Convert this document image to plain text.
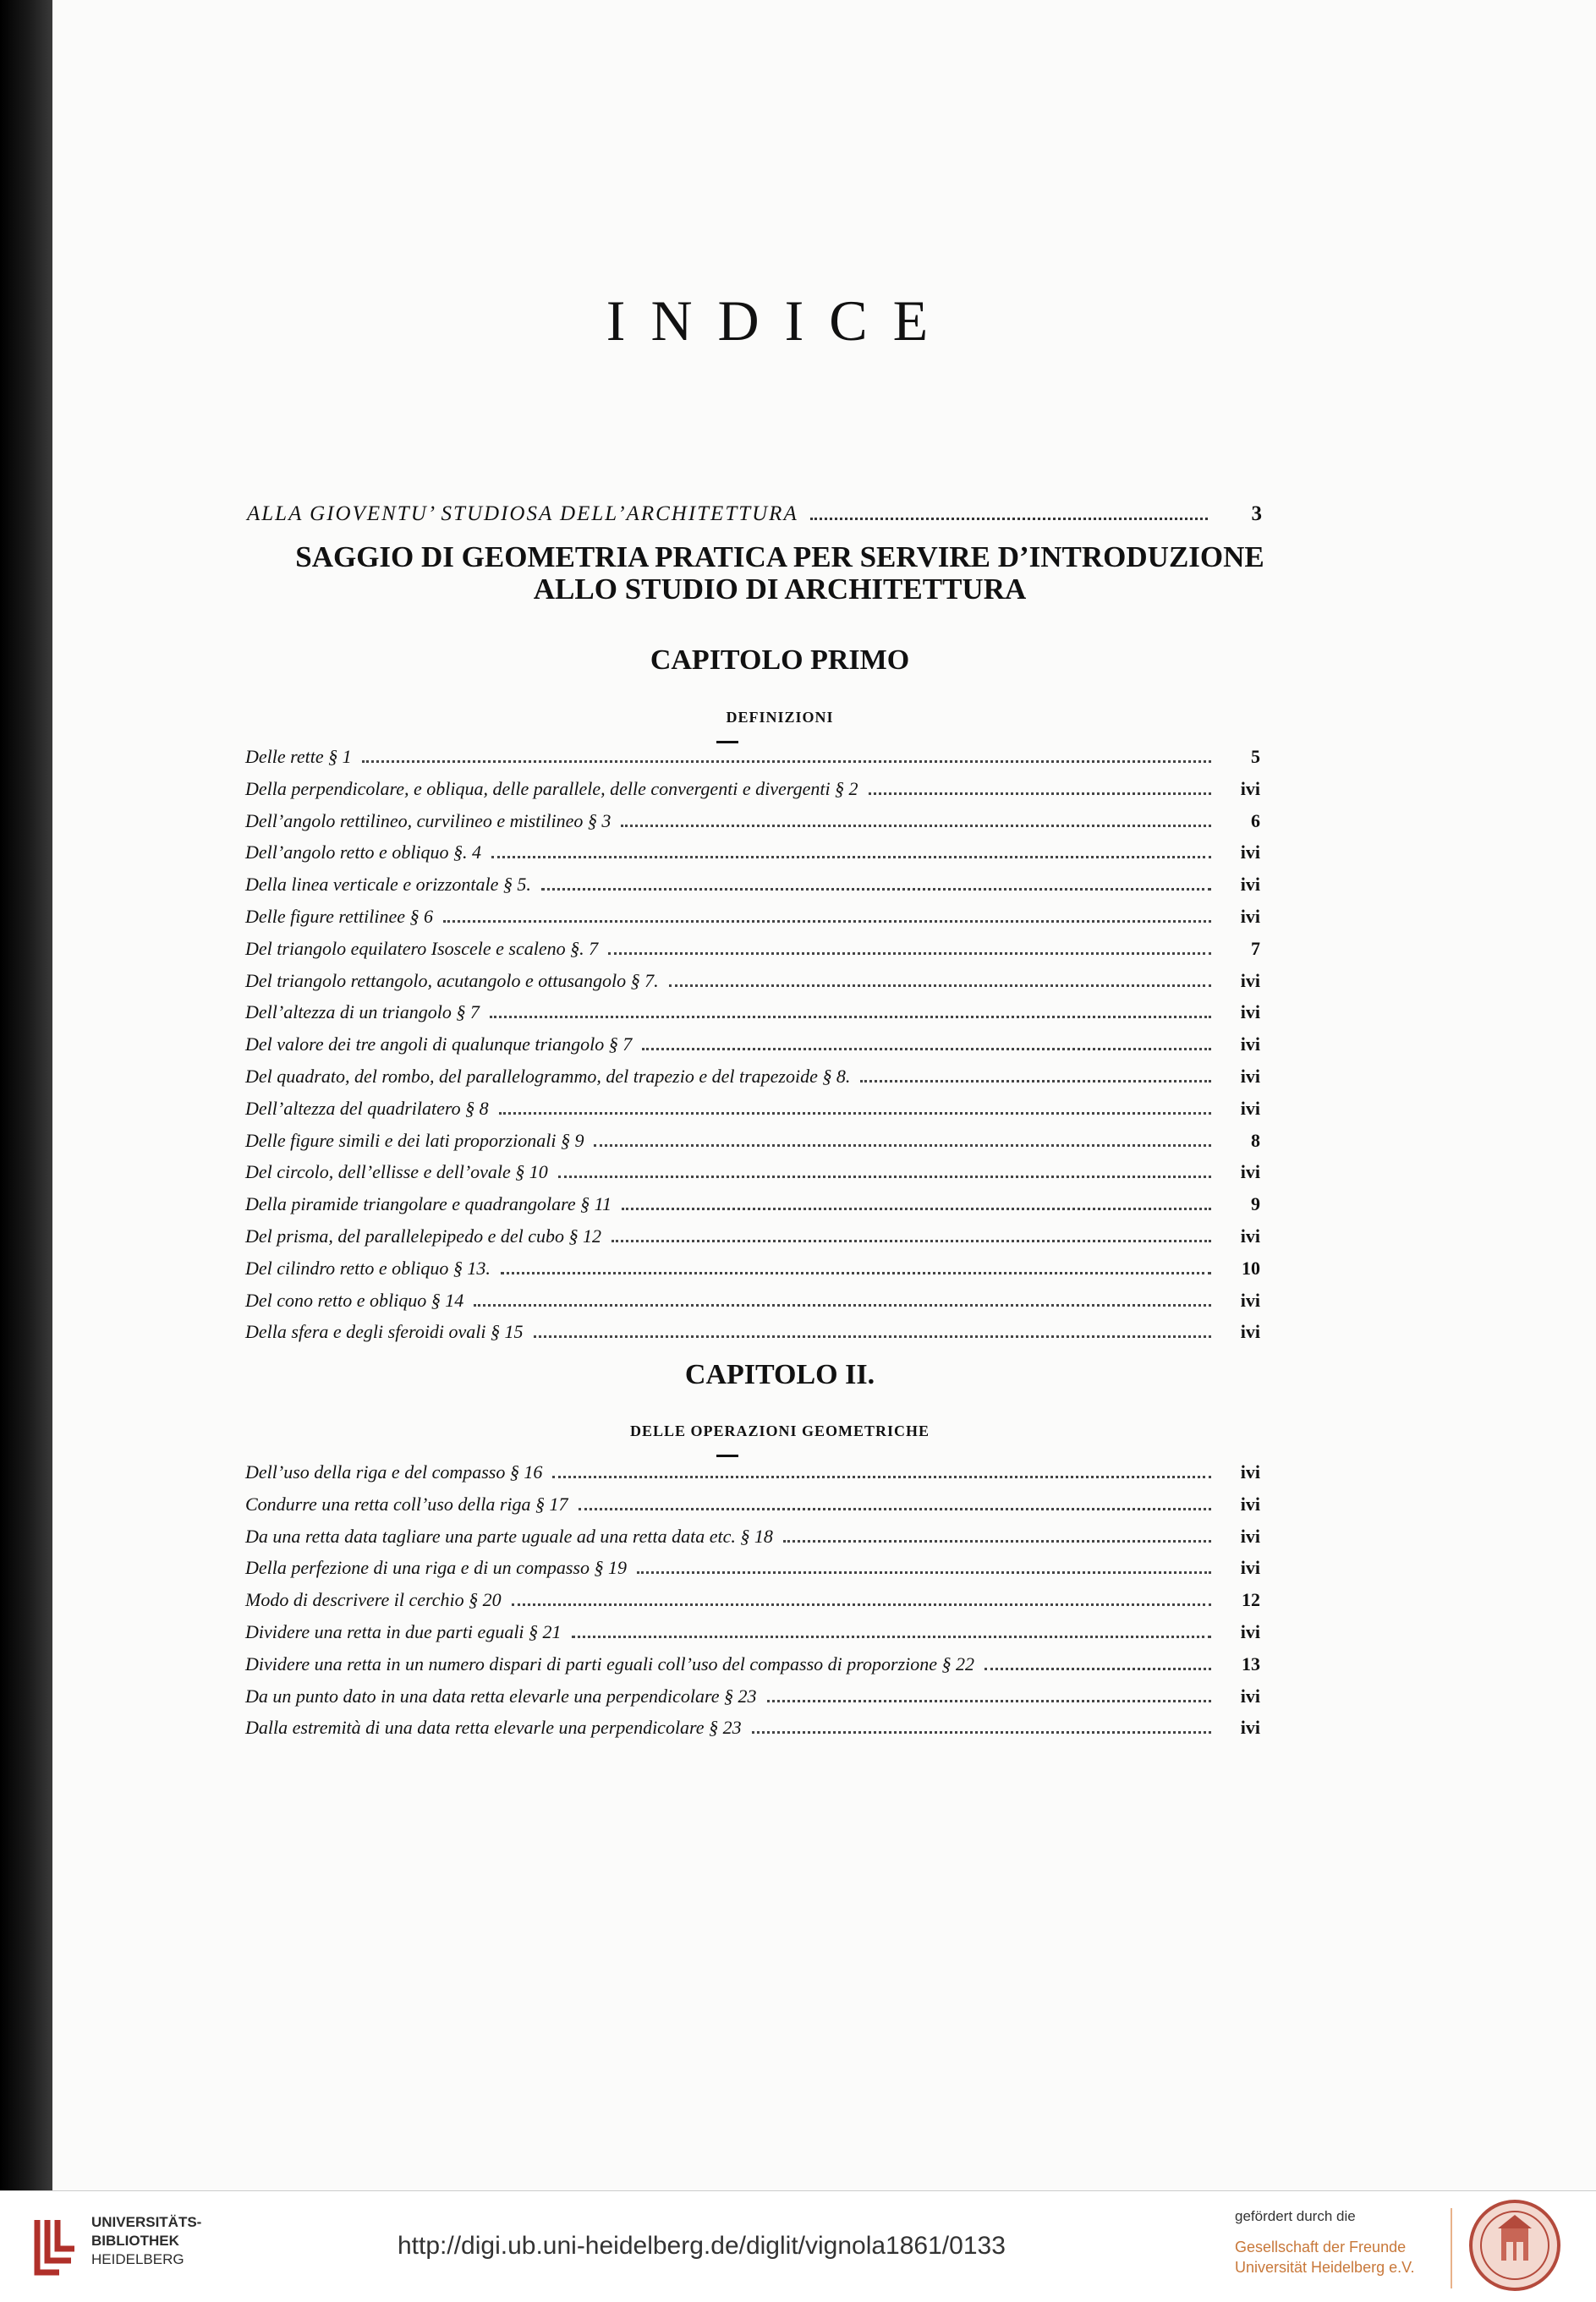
INDICE
ALLA GIOVENTU’ STUDIOSA DELL’ARCHITETTURA	3
SAGGIO DI GEOMETRIA PRATICA PER SERVIRE D’INTRODUZIONE
ALLO STUDIO DI ARCHITETTURA
CAPITOLO PRIMO
DEFINIZIONI
Delle rette § 1	5
Della perpendicolare, e obliqua, delle parallele, delle convergenti e divergenti § 2	ivi
Dell’angolo rettilineo, curvilineo e mistilineo § 3	6
Dell’angolo retto e obliquo §. 4	ivi
Della linea verticale e orizzontale § 5.	ivi
Delle figure rettilinee § 6	ivi
Del triangolo equilatero Isoscele e scaleno §. 7	7
Del triangolo rettangolo, acutangolo e ottusangolo § 7.	ivi
Dell’altezza di un triangolo § 7	ivi
Del valore dei tre angoli di qualunque triangolo § 7	ivi
Del quadrato, del rombo, del parallelogrammo, del trapezio e del trapezoide § 8.	ivi
Dell’altezza del quadrilatero § 8	ivi
Delle figure simili e dei lati proporzionali § 9	8
Del circolo, dell’ellisse e dell’ovale § 10	ivi
Della piramide triangolare e quadrangolare § 11	9
Del prisma, del parallelepipedo e del cubo § 12	ivi
Del cilindro retto e obliquo § 13.	10
Del cono retto e obliquo § 14	ivi
Della sfera e degli sferoidi ovali § 15	ivi
CAPITOLO II.
DELLE OPERAZIONI GEOMETRICHE
Dell’uso della riga e del compasso § 16	ivi
Condurre una retta coll’uso della riga § 17	ivi
Da una retta data tagliare una parte uguale ad una retta data etc. § 18	ivi
Della perfezione di una riga e di un compasso § 19	ivi
Modo di descrivere il cerchio § 20	12
Dividere una retta in due parti eguali § 21	ivi
Dividere una retta in un numero dispari di parti eguali coll’uso del compasso di proporzione § 22	13
Da un punto dato in una data retta elevarle una perpendicolare § 23	ivi
Dalla estremità di una data retta elevarle una perpendicolare § 23	ivi
UNIVERSITÄTS-
BIBLIOTHEK
HEIDELBERG	http://digi.ub.uni-heidelberg.de/diglit/vignola1861/0133
gefördert durch die
Gesellschaft der Freunde
Universität Heidelberg e.V.
